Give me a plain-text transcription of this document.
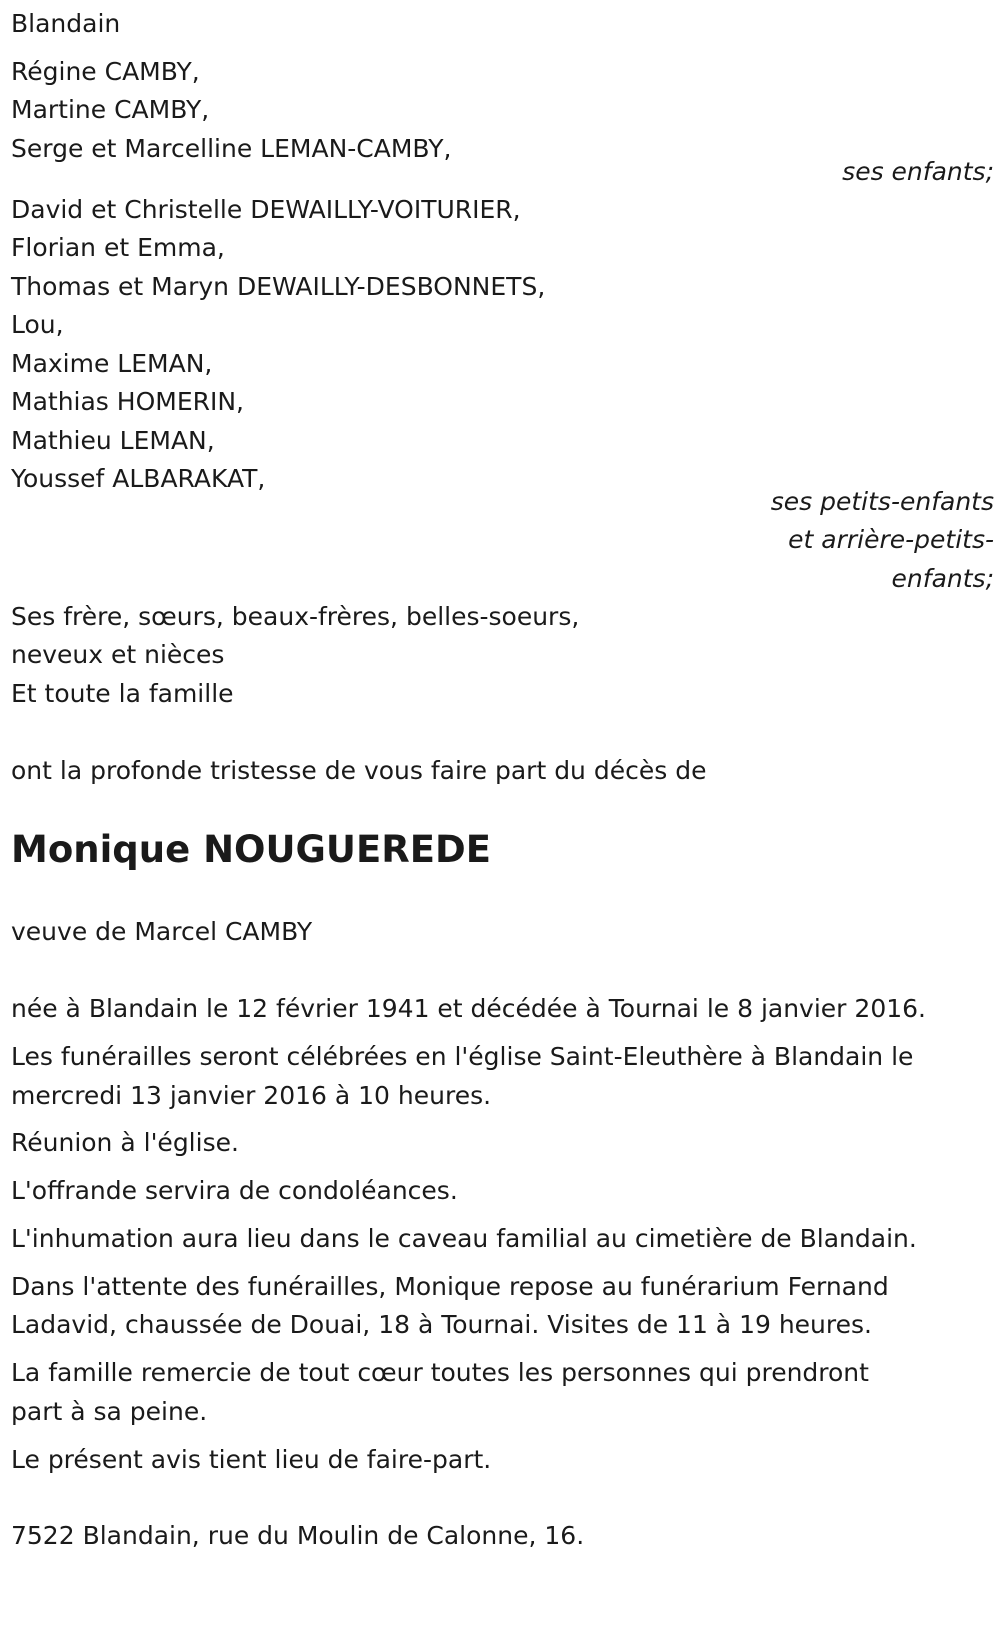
Blandain
Régine CAMBY,
Martine CAMBY,
Serge et Marcelline LEMAN-CAMBY,
ses enfants;
David et Christelle DEWAILLY-VOITURIER,
Florian et Emma,
Thomas et Maryn DEWAILLY-DESBONNETS,
Lou,
Maxime LEMAN,
Mathias HOMERIN,
Mathieu LEMAN,
Youssef ALBARAKAT,
ses petits-enfants
et arrière-petits-
enfants;
Ses frère, sœurs, beaux-frères, belles-soeurs,
neveux et nièces
Et toute la famille
ont la profonde tristesse de vous faire part du décès de
Monique NOUGUEREDE
veuve de Marcel CAMBY
née à Blandain le 12 février 1941 et décédée à Tournai le 8 janvier 2016.
Les funérailles seront célébrées en l'église Saint-Eleuthère à Blandain le
mercredi 13 janvier 2016 à 10 heures.
Réunion à l'église.
L'offrande servira de condoléances.
L'inhumation aura lieu dans le caveau familial au cimetière de Blandain.
Dans l'attente des funérailles, Monique repose au funérarium Fernand
Ladavid, chaussée de Douai, 18 à Tournai. Visites de 11 à 19 heures.
La famille remercie de tout cœur toutes les personnes qui prendront
part à sa peine.
Le présent avis tient lieu de faire-part.
7522 Blandain, rue du Moulin de Calonne, 16.
